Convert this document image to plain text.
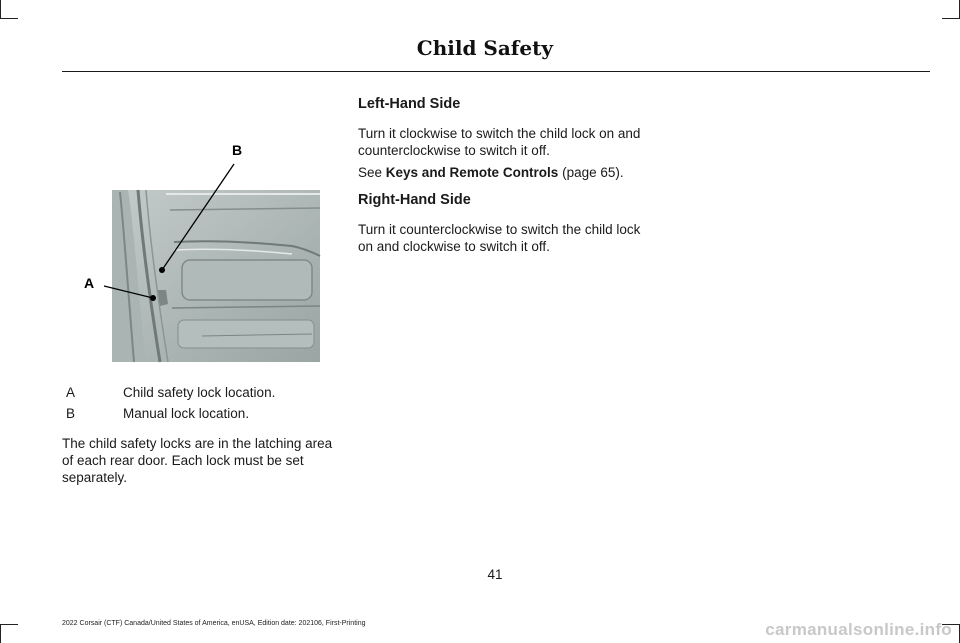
Child Safety
A
B
A	Child safety lock location.
B	Manual lock location.
The child safety locks are in the latching area of each rear door. Each lock must be set separately.
Left-Hand Side
Turn it clockwise to switch the child lock on and counterclockwise to switch it off.
See Keys and Remote Controls (page 65).
Right-Hand Side
Turn it counterclockwise to switch the child lock on and clockwise to switch it off.
41
2022 Corsair (CTF) Canada/United States of America, enUSA, Edition date: 202106, First-Printing	carmanualsonline.info
